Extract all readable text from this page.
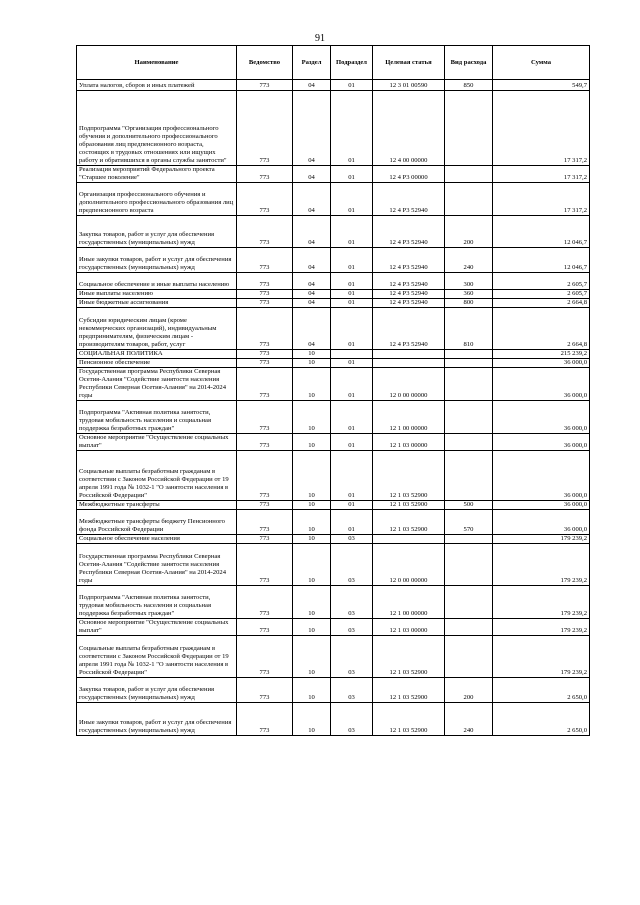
91
Наименование	Ведомство	Раздел	Подраздел	Целевая статья	Вид расхода	Сумма
Уплата налогов, сборов и иных платежей	773	04	01	12 3 01 00590	850	549,7
Подпрограмма "Организация профессионального обучения и дополнительного профессионального образования лиц предпенсионного возраста, состоящих в трудовых отношениях или ищущих работу и обратившихся в органы службы занятости"	773	04	01	12 4 00 00000		17 317,2
Реализация мероприятий Федерального проекта "Старшее поколение"	773	04	01	12 4 P3 00000		17 317,2
Организация профессионального обучения и дополнительного профессионального образования лиц предпенсионного возраста	773	04	01	12 4 P3 52940		17 317,2
Закупка товаров, работ и услуг для обеспечения государственных (муниципальных) нужд	773	04	01	12 4 P3 52940	200	12 046,7
Иные закупки товаров, работ и услуг для обеспечения государственных (муниципальных) нужд	773	04	01	12 4 P3 52940	240	12 046,7
Социальное обеспечение и иные выплаты населению	773	04	01	12 4 P3 52940	300	2 605,7
Иные выплаты населению	773	04	01	12 4 P3 52940	360	2 605,7
Иные бюджетные ассигнования	773	04	01	12 4 P3 52940	800	2 664,8
Субсидии юридическим лицам (кроме некоммерческих организаций), индивидуальным предпринимателям, физическим лицам - производителям товаров, работ, услуг	773	04	01	12 4 P3 52940	810	2 664,8
СОЦИАЛЬНАЯ ПОЛИТИКА	773	10				215 239,2
Пенсионное обеспечение	773	10	01			36 000,0
Государственная программа Республики Северная Осетия-Алания "Содействие занятости населения Республики Северная Осетия-Алания" на 2014-2024 годы	773	10	01	12 0 00 00000		36 000,0
Подпрограмма "Активная политика занятости, трудовая мобильность населения и социальная поддержка безработных граждан"	773	10	01	12 1 00 00000		36 000,0
Основное мероприятие "Осуществление социальных выплат"	773	10	01	12 1 03 00000		36 000,0
Социальные выплаты безработным гражданам в соответствии с Законом Российской Федерации от 19 апреля 1991 года № 1032-1 "О занятости населения в Российской Федерации"	773	10	01	12 1 03 52900		36 000,0
Межбюджетные трансферты	773	10	01	12 1 03 52900	500	36 000,0
Межбюджетные трансферты бюджету Пенсионного фонда Российской Федерации	773	10	01	12 1 03 52900	570	36 000,0
Социальное обеспечение населения	773	10	03			179 239,2
Государственная программа Республики Северная Осетия-Алания "Содействие занятости населения Республики Северная Осетия-Алания" на 2014-2024 годы	773	10	03	12 0 00 00000		179 239,2
Подпрограмма "Активная политика занятости, трудовая мобильность населения и социальная поддержка безработных граждан"	773	10	03	12 1 00 00000		179 239,2
Основное мероприятие "Осуществление социальных выплат"	773	10	03	12 1 03 00000		179 239,2
Социальные выплаты безработным гражданам в соответствии с Законом Российской Федерации от 19 апреля 1991 года № 1032-1 "О занятости населения в Российской Федерации"	773	10	03	12 1 03 52900		179 239,2
Закупка товаров, работ и услуг для обеспечения государственных (муниципальных) нужд	773	10	03	12 1 03 52900	200	2 650,0
Иные закупки товаров, работ и услуг для обеспечения государственных (муниципальных) нужд	773	10	03	12 1 03 52900	240	2 650,0
